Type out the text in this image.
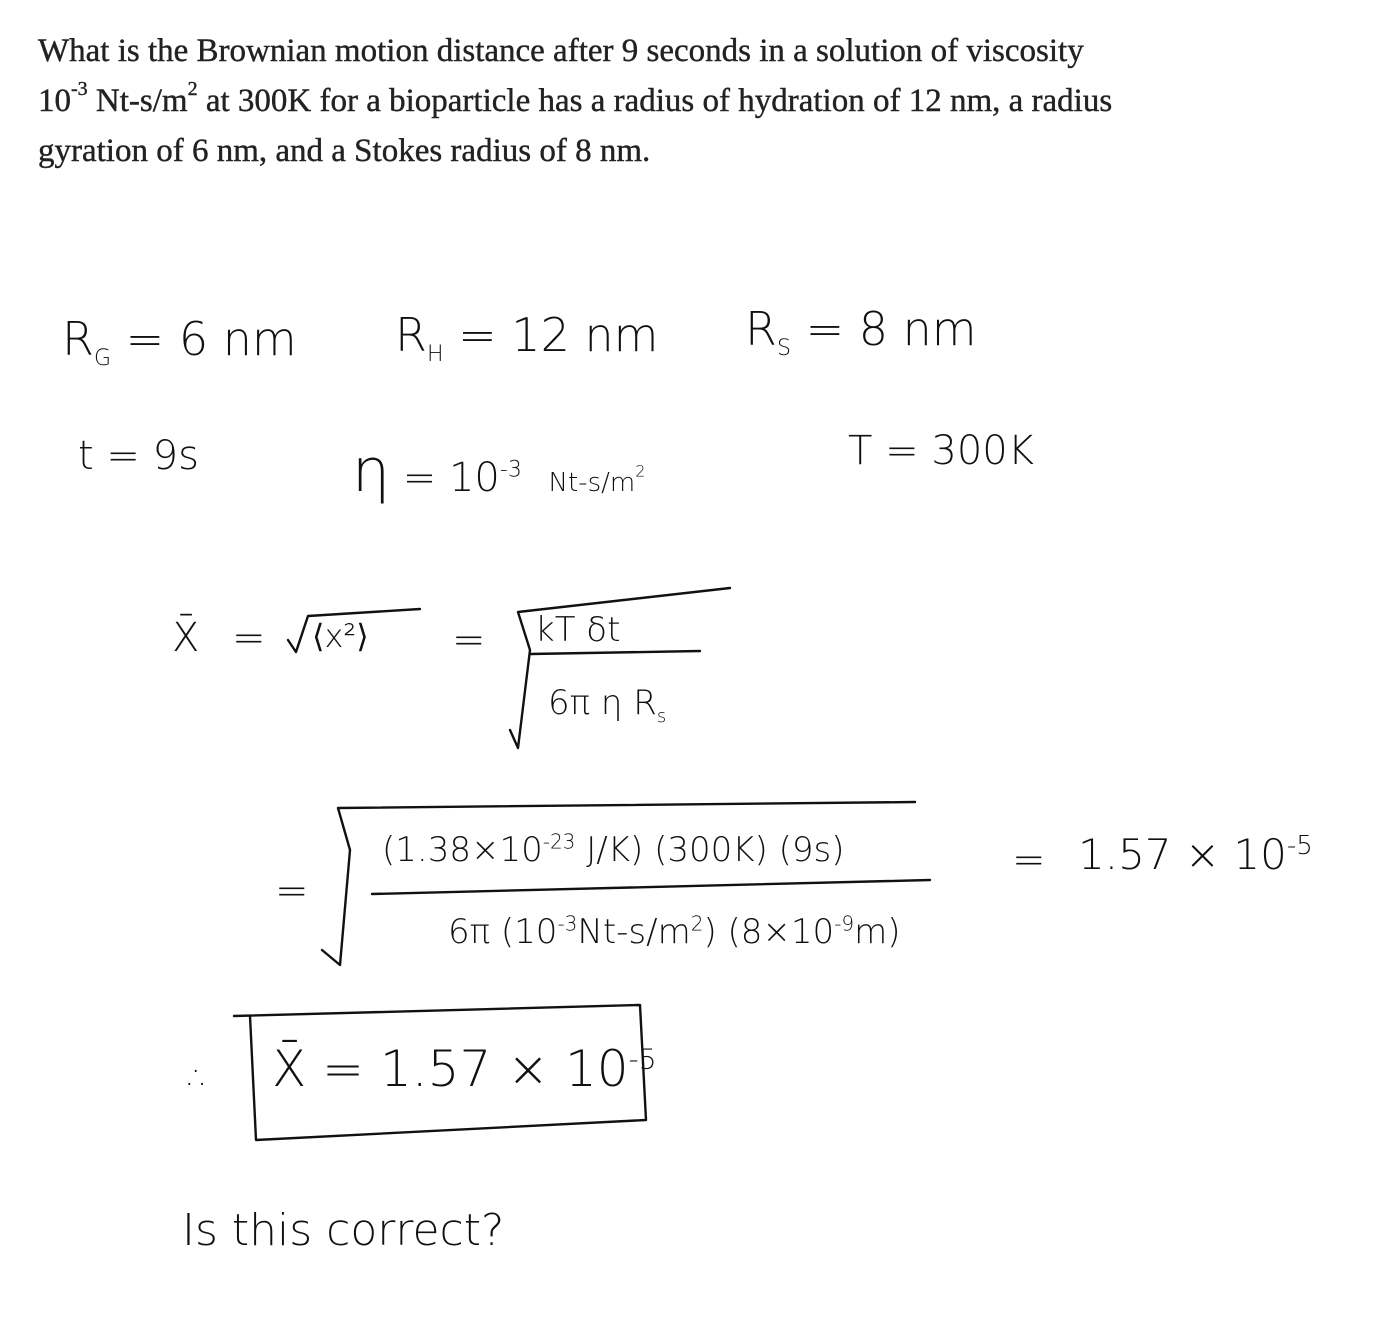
What is the Brownian motion distance after 9 seconds in a solution of viscosity
$10^{-3}$ $Nt-s/m^2$ at 300K for a bioparticle has a radius of hydration of 12 nm, a radius
gyration of 6 nm, and a Stokes radius of 8 nm.
$R_G = 6$ nm $R_H = 12$ nm $R_S = 8$ nm
t = 9s	$\eta = 10^{-3}$ $Nt-s/m^2$	T = 300K
X̄ = ⟨x²⟩ = kT δt
6π η $R_s$
=
($1.38\times 10^{-23}$ J/K) (300K) (9s)
6π $(10^{-3}Nt-s/m^2)$ $(8\times 10^{-9}m)$
= $1.57 \times 10^{-5}$
∴ X̄ = $1.57 \times 10^{-5}$
Is this correct?
